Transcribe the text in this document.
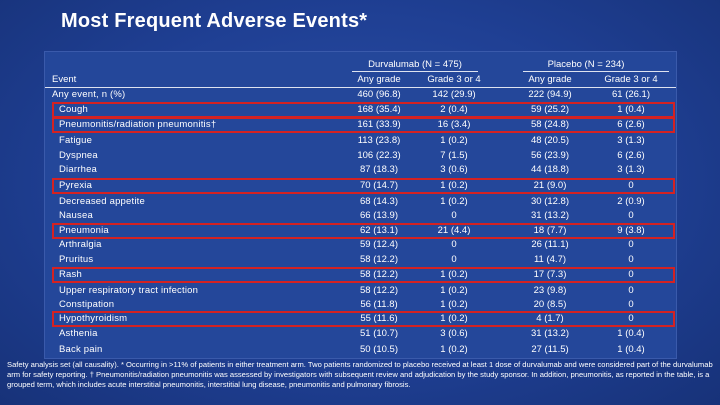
Most Frequent Adverse Events*
Durvalumab (N = 475)	Placebo (N = 234)
Event	Any grade	Grade 3 or 4	Any grade	Grade 3 or 4
Any event, n (%)	460 (96.8)	142 (29.9)	222 (94.9)	61 (26.1)
Cough	168 (35.4)	2 (0.4)	59 (25.2)	1 (0.4)
Pneumonitis/radiation pneumonitis†	161 (33.9)	16 (3.4)	58 (24.8)	6 (2.6)
Fatigue	113 (23.8)	1 (0.2)	48 (20.5)	3 (1.3)
Dyspnea	106 (22.3)	7 (1.5)	56 (23.9)	6 (2.6)
Diarrhea	87 (18.3)	3 (0.6)	44 (18.8)	3 (1.3)
Pyrexia	70 (14.7)	1 (0.2)	21 (9.0)	0
Decreased appetite	68 (14.3)	1 (0.2)	30 (12.8)	2 (0.9)
Nausea	66 (13.9)	0	31 (13.2)	0
Pneumonia	62 (13.1)	21 (4.4)	18 (7.7)	9 (3.8)
Arthralgia	59 (12.4)	0	26 (11.1)	0
Pruritus	58 (12.2)	0	11 (4.7)	0
Rash	58 (12.2)	1 (0.2)	17 (7.3)	0
Upper respiratory tract infection	58 (12.2)	1 (0.2)	23 (9.8)	0
Constipation	56 (11.8)	1 (0.2)	20 (8.5)	0
Hypothyroidism	55 (11.6)	1 (0.2)	4 (1.7)	0
Asthenia	51 (10.7)	3 (0.6)	31 (13.2)	1 (0.4)
Back pain	50 (10.5)	1 (0.2)	27 (11.5)	1 (0.4)
Safety analysis set (all causality). * Occurring in >11% of patients in either treatment arm. Two patients randomized to placebo received at least 1 dose of durvalumab and were considered part of the durvalumab arm for safety reporting. † Pneumonitis/radiation pneumonitis was assessed by investigators with subsequent review and adjudication by the study sponsor. In addition, pneumonitis, as reported in the table, is a grouped term, which includes acute interstitial pneumonitis, interstitial lung disease, pneumonitis and pulmonary fibrosis.
